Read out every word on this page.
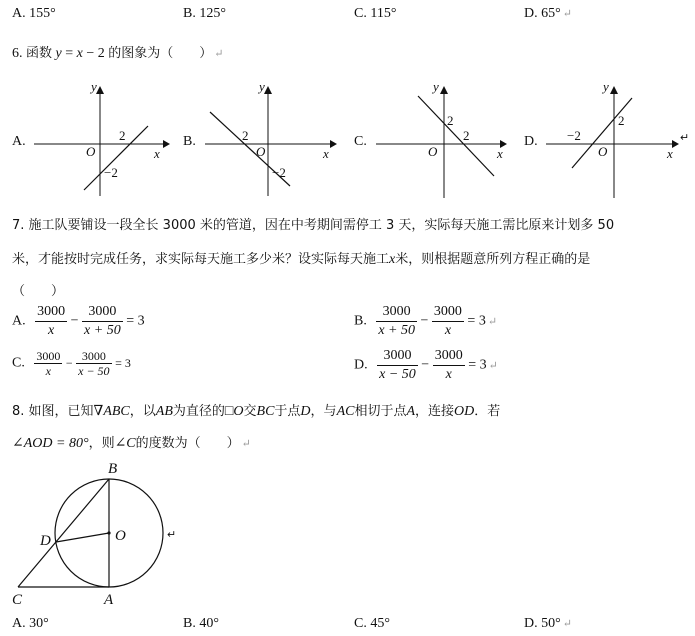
A. 155°	B. 125°	C. 115°	D. 65° ↵
6. 函数 y = x − 2 的图象为（　　） ↵
A.
y
x
O
2
−2
B.
y
x
O
2
−2
C.
y
x
O
2
2	D.
y
x
O
2
−2	↵
7. 施工队要铺设一段全长 3000 米的管道，因在中考期间需停工 3 天，实际每天施工需比原来计划多 50
米，才能按时完成任务，求实际每天施工多少米？设实际每天施工x米，则根据题意所列方程正确的是
（　　）
A. $\frac{3000}{x} - \frac{3000}{x + 50} = 3$	B. $\frac{3000}{x + 50} - \frac{3000}{x} = 3$ ↵
C. $\frac{3000}{x} - \frac{3000}{x - 50} = 3$	D. $\frac{3000}{x - 50} - \frac{3000}{x} = 3$ ↵
8. 如图，已知∇ABC，以AB为直径的□O交BC于点D，与AC相切于点A，连接OD．若
∠AOD = 80°，则∠C的度数为（　　） ↵
B
D	O
C	A
↵
A. 30°	B. 40°	C. 45°	D. 50° ↵
